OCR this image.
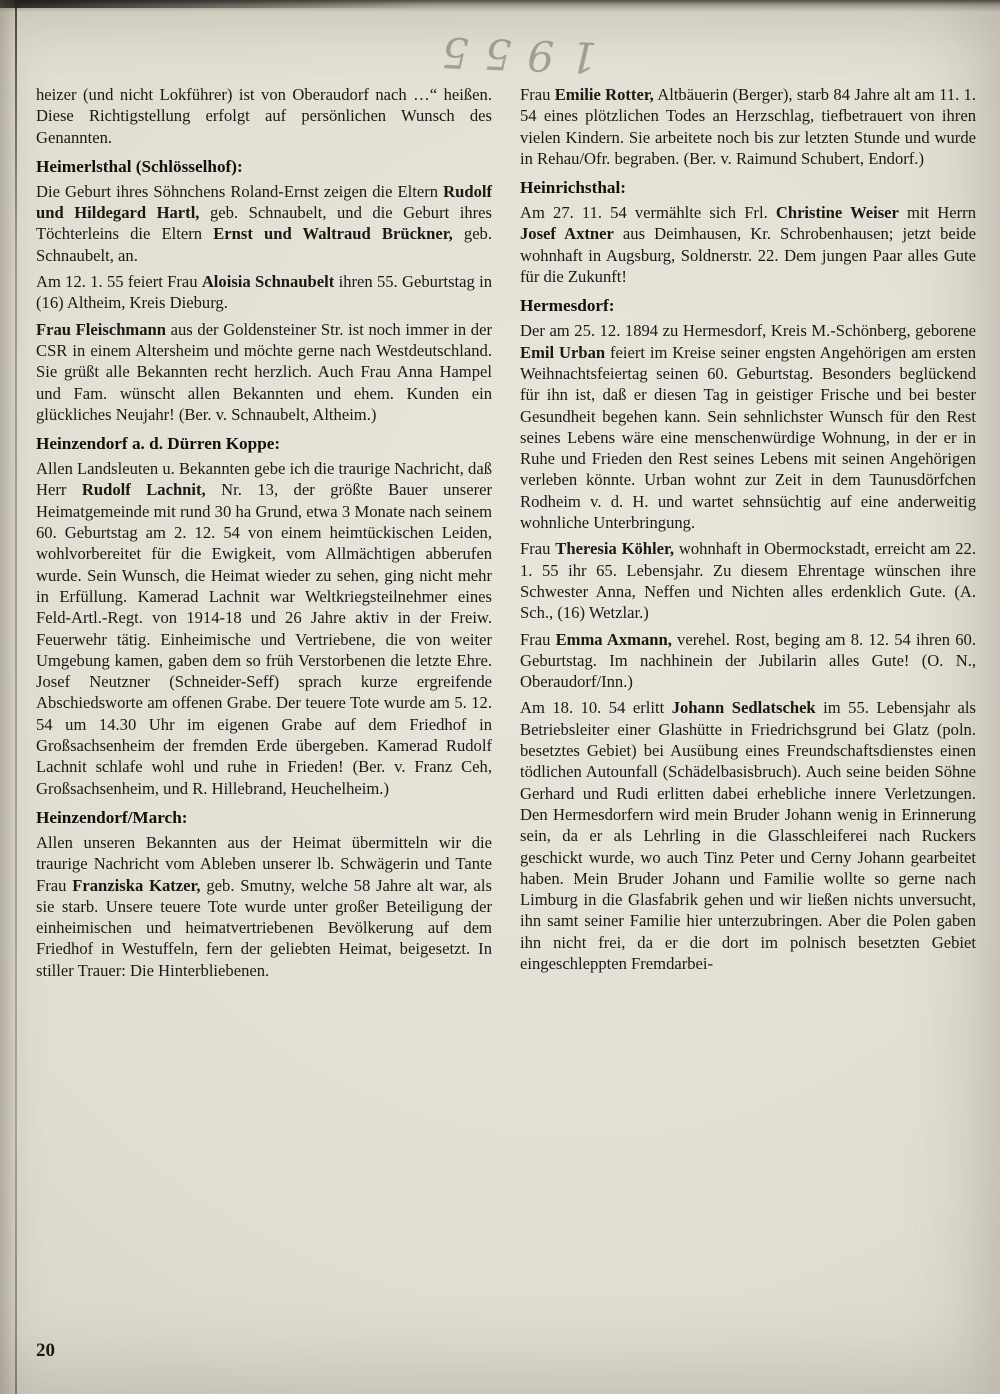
1955

heizer (und nicht Lokführer) ist von Oberaudorf nach …“ heißen. Diese Richtigstellung erfolgt auf persönlichen Wunsch des Genannten.

Heimerlsthal (Schlösselhof):

Die Geburt ihres Söhnchens Roland-Ernst zeigen die Eltern Rudolf und Hildegard Hartl, geb. Schnaubelt, und die Geburt ihres Töchterleins die Eltern Ernst und Waltraud Brückner, geb. Schnaubelt, an.

Am 12. 1. 55 feiert Frau Aloisia Schnaubelt ihren 55. Geburtstag in (16) Altheim, Kreis Dieburg.

Frau Fleischmann aus der Goldensteiner Str. ist noch immer in der CSR in einem Altersheim und möchte gerne nach Westdeutschland. Sie grüßt alle Bekannten recht herzlich. Auch Frau Anna Hampel und Fam. wünscht allen Bekannten und ehem. Kunden ein glückliches Neujahr! (Ber. v. Schnaubelt, Altheim.)

Heinzendorf a. d. Dürren Koppe:

Allen Landsleuten u. Bekannten gebe ich die traurige Nachricht, daß Herr Rudolf Lachnit, Nr. 13, der größte Bauer unserer Heimatgemeinde mit rund 30 ha Grund, etwa 3 Monate nach seinem 60. Geburtstag am 2. 12. 54 von einem heimtückischen Leiden, wohlvorbereitet für die Ewigkeit, vom Allmächtigen abberufen wurde. Sein Wunsch, die Heimat wieder zu sehen, ging nicht mehr in Erfüllung. Kamerad Lachnit war Weltkriegsteilnehmer eines Feld-Artl.-Regt. von 1914-18 und 26 Jahre aktiv in der Freiw. Feuerwehr tätig. Einheimische und Vertriebene, die von weiter Umgebung kamen, gaben dem so früh Verstorbenen die letzte Ehre. Josef Neutzner (Schneider-Seff) sprach kurze ergreifende Abschiedsworte am offenen Grabe. Der teuere Tote wurde am 5. 12. 54 um 14.30 Uhr im eigenen Grabe auf dem Friedhof in Großsachsenheim der fremden Erde übergeben. Kamerad Rudolf Lachnit schlafe wohl und ruhe in Frieden! (Ber. v. Franz Ceh, Großsachsenheim, und R. Hillebrand, Heuchelheim.)

Heinzendorf/March:

Allen unseren Bekannten aus der Heimat übermitteln wir die traurige Nachricht vom Ableben unserer lb. Schwägerin und Tante Frau Franziska Katzer, geb. Smutny, welche 58 Jahre alt war, als sie starb. Unsere teuere Tote wurde unter großer Beteiligung der einheimischen und heimatvertriebenen Bevölkerung auf dem Friedhof in Westuffeln, fern der geliebten Heimat, beigesetzt. In stiller Trauer: Die Hinterbliebenen.

Frau Emilie Rotter, Altbäuerin (Berger), starb 84 Jahre alt am 11. 1. 54 eines plötzlichen Todes an Herzschlag, tiefbetrauert von ihren vielen Kindern. Sie arbeitete noch bis zur letzten Stunde und wurde in Rehau/Ofr. begraben. (Ber. v. Raimund Schubert, Endorf.)

Heinrichsthal:

Am 27. 11. 54 vermählte sich Frl. Christine Weiser mit Herrn Josef Axtner aus Deimhausen, Kr. Schrobenhausen; jetzt beide wohnhaft in Augsburg, Soldnerstr. 22. Dem jungen Paar alles Gute für die Zukunft!

Hermesdorf:

Der am 25. 12. 1894 zu Hermesdorf, Kreis M.-Schönberg, geborene Emil Urban feiert im Kreise seiner engsten Angehörigen am ersten Weihnachtsfeiertag seinen 60. Geburtstag. Besonders beglückend für ihn ist, daß er diesen Tag in geistiger Frische und bei bester Gesundheit begehen kann. Sein sehnlichster Wunsch für den Rest seines Lebens wäre eine menschenwürdige Wohnung, in der er in Ruhe und Frieden den Rest seines Lebens mit seinen Angehörigen verleben könnte. Urban wohnt zur Zeit in dem Taunusdörfchen Rodheim v. d. H. und wartet sehnsüchtig auf eine anderweitig wohnliche Unterbringung.

Frau Theresia Köhler, wohnhaft in Obermockstadt, erreicht am 22. 1. 55 ihr 65. Lebensjahr. Zu diesem Ehrentage wünschen ihre Schwester Anna, Neffen und Nichten alles erdenklich Gute. (A. Sch., (16) Wetzlar.)

Frau Emma Axmann, verehel. Rost, beging am 8. 12. 54 ihren 60. Geburtstag. Im nachhinein der Jubilarin alles Gute! (O. N., Oberaudorf/Inn.)

Am 18. 10. 54 erlitt Johann Sedlatschek im 55. Lebensjahr als Betriebsleiter einer Glashütte in Friedrichsgrund bei Glatz (poln. besetztes Gebiet) bei Ausübung eines Freundschaftsdienstes einen tödlichen Autounfall (Schädelbasisbruch). Auch seine beiden Söhne Gerhard und Rudi erlitten dabei erhebliche innere Verletzungen. Den Hermesdorfern wird mein Bruder Johann wenig in Erinnerung sein, da er als Lehrling in die Glasschleiferei nach Ruckers geschickt wurde, wo auch Tinz Peter und Cerny Johann gearbeitet haben. Mein Bruder Johann und Familie wollte so gerne nach Limburg in die Glasfabrik gehen und wir ließen nichts unversucht, ihn samt seiner Familie hier unterzubringen. Aber die Polen gaben ihn nicht frei, da er die dort im polnisch besetzten Gebiet eingeschleppten Fremdarbei-

20
